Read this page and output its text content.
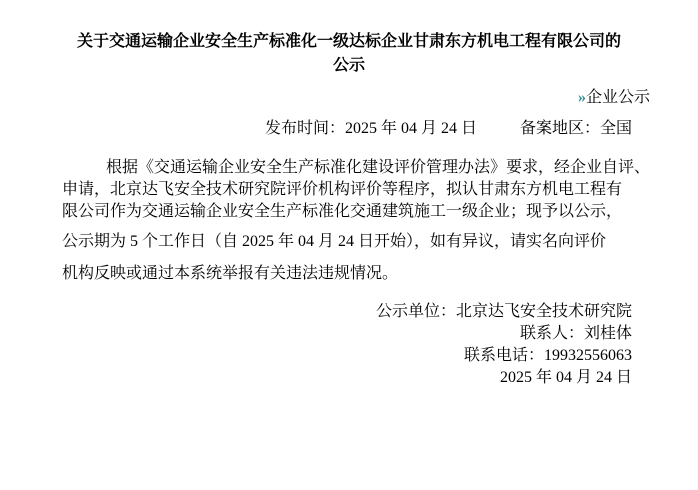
关于交通运输企业安全生产标准化一级达标企业甘肃东方机电工程有限公司的
公示
»企业公示
发布时间：2025 年 04 月 24 日	备案地区：全国
根据《交通运输企业安全生产标准化建设评价管理办法》要求，经企业自评、
申请，北京达飞安全技术研究院评价机构评价等程序，拟认甘肃东方机电工程有
限公司作为交通运输企业安全生产标准化交通建筑施工一级企业；现予以公示，
公示期为 5 个工作日（自 2025 年 04 月 24 日开始），如有异议，请实名向评价
机构反映或通过本系统举报有关违法违规情况。
公示单位：北京达飞安全技术研究院
联系人：刘桂体
联系电话：19932556063
2025 年 04 月 24 日
